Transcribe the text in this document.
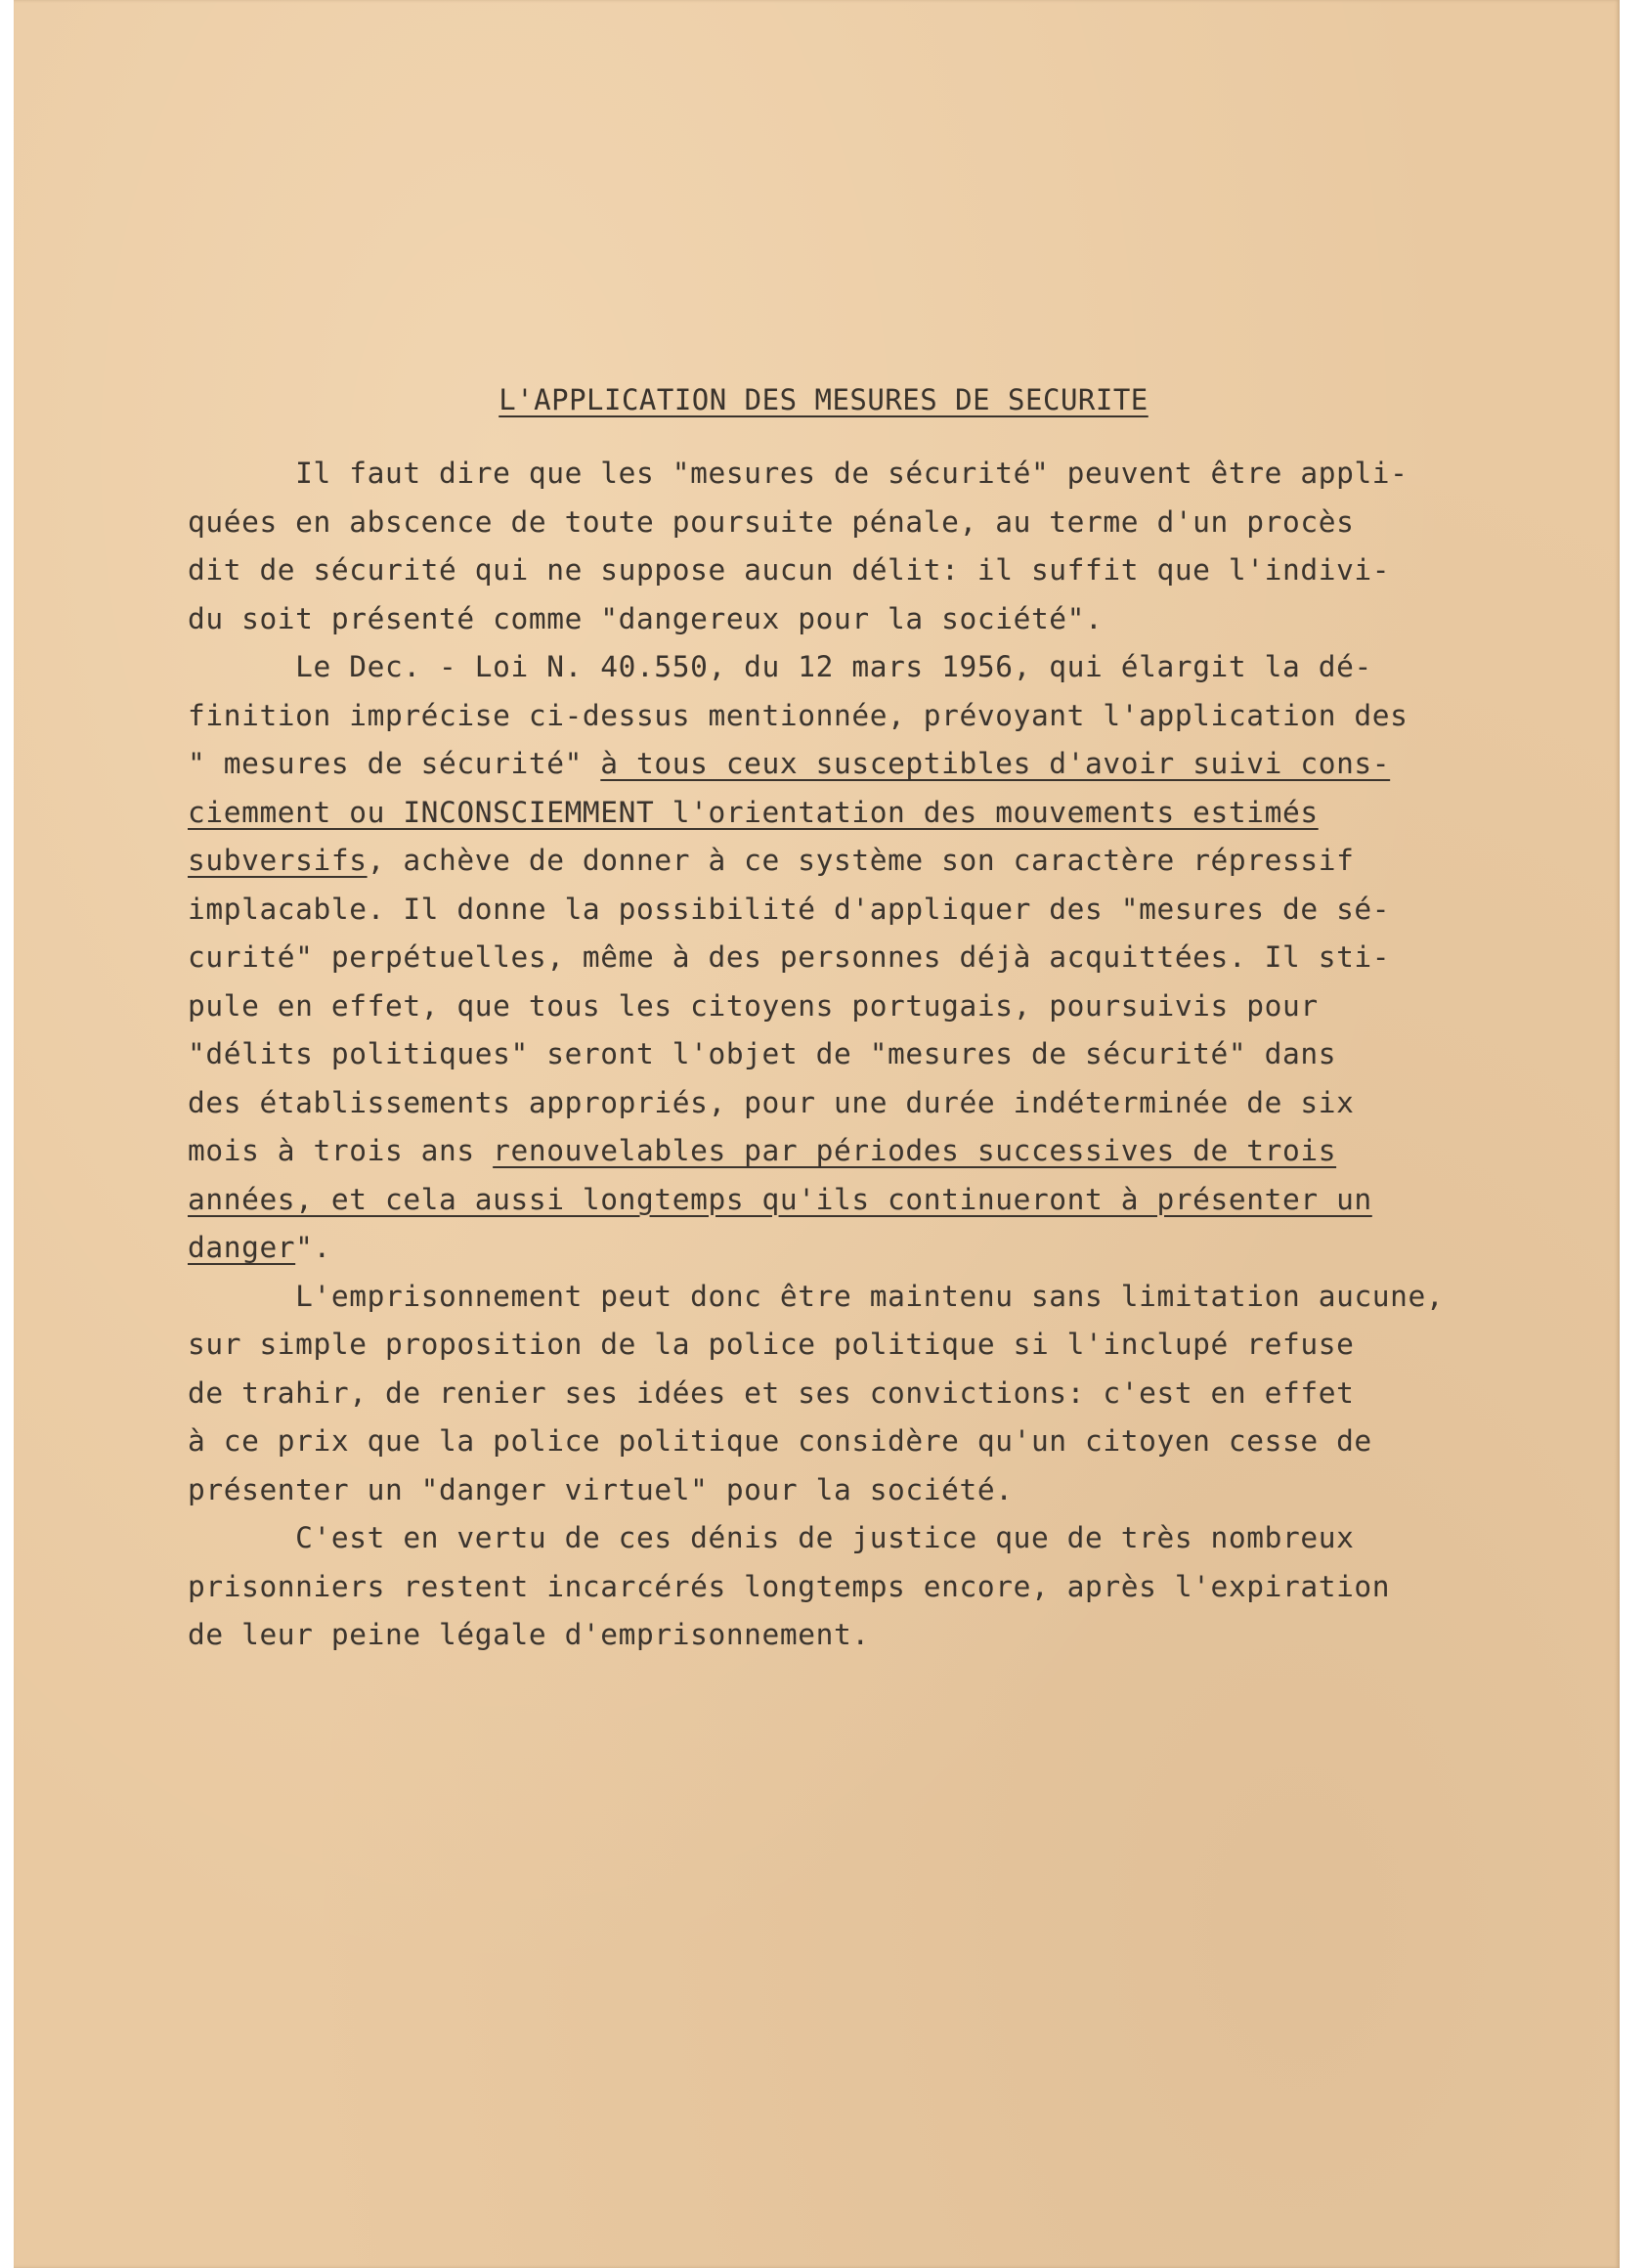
L'APPLICATION DES MESURES DE SECURITE
Il faut dire que les "mesures de sécurité" peuvent être appli-
quées en abscence de toute poursuite pénale, au terme d'un procès
dit de sécurité qui ne suppose aucun délit: il suffit que l'indivi-
du soit présenté comme "dangereux pour la société".
Le Dec. - Loi N. 40.550, du 12 mars 1956, qui élargit la dé-
finition imprécise ci-dessus mentionnée, prévoyant l'application des
" mesures de sécurité" à tous ceux susceptibles d'avoir suivi cons-
ciemment ou INCONSCIEMMENT l'orientation des mouvements estimés
subversifs, achève de donner à ce système son caractère répressif
implacable. Il donne la possibilité d'appliquer des "mesures de sé-
curité" perpétuelles, même à des personnes déjà acquittées. Il sti-
pule en effet, que tous les citoyens portugais, poursuivis pour
"délits politiques" seront l'objet de "mesures de sécurité" dans
des établissements appropriés, pour une durée indéterminée de six
mois à trois ans renouvelables par périodes successives de trois
années, et cela aussi longtemps qu'ils continueront à présenter un
danger".
L'emprisonnement peut donc être maintenu sans limitation aucune,
sur simple proposition de la police politique si l'inclupé refuse
de trahir, de renier ses idées et ses convictions: c'est en effet
à ce prix que la police politique considère qu'un citoyen cesse de
présenter un "danger virtuel" pour la société.
C'est en vertu de ces dénis de justice que de très nombreux
prisonniers restent incarcérés longtemps encore, après l'expiration
de leur peine légale d'emprisonnement.
